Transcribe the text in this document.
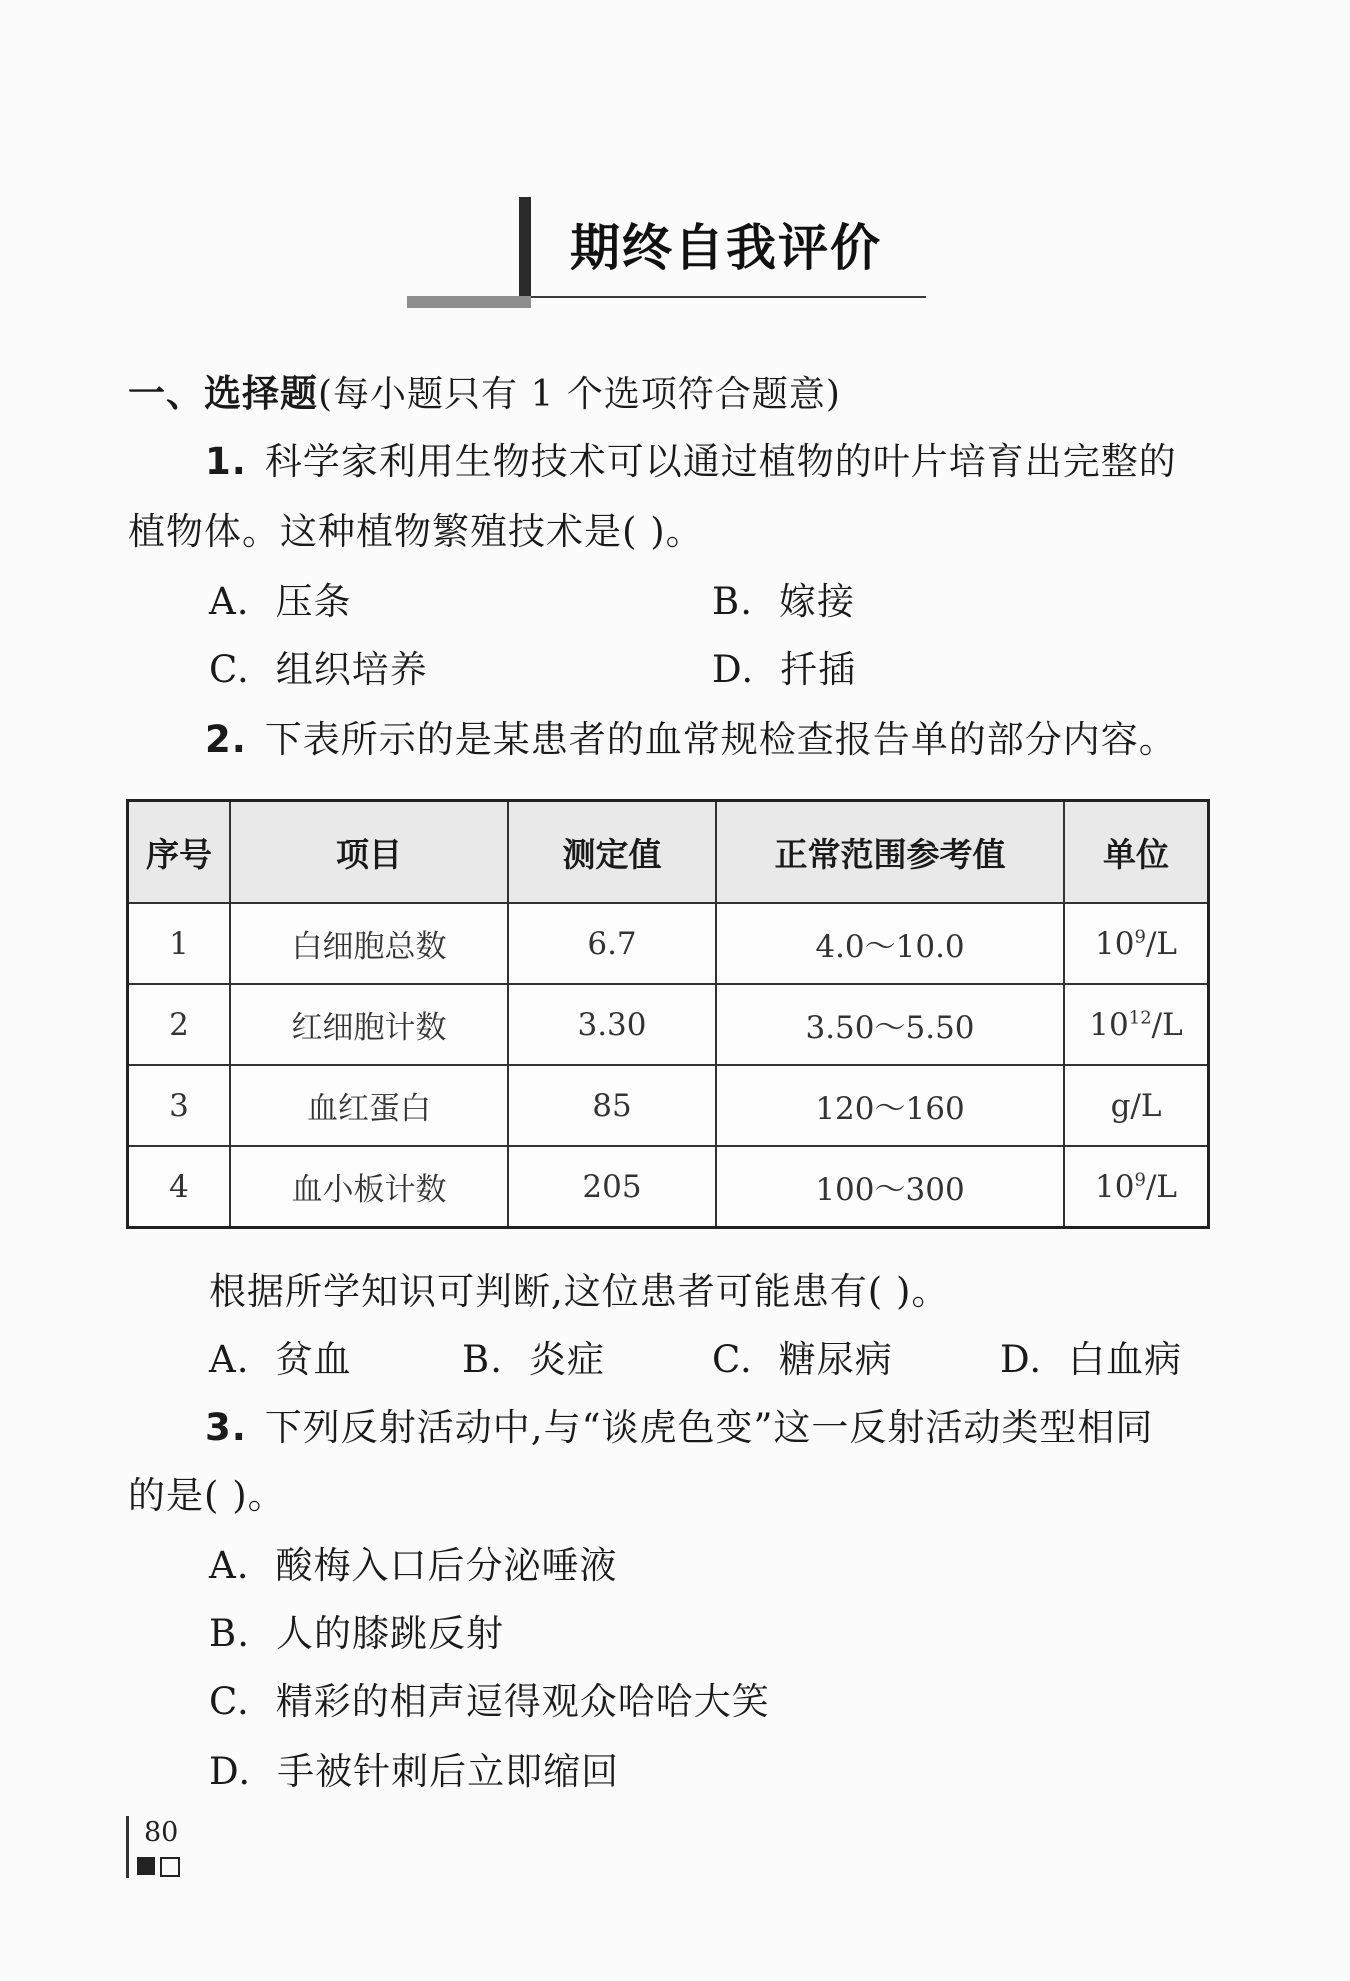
期终自我评价
一、选择题(每小题只有 1 个选项符合题意)
1. 科学家利用生物技术可以通过植物的叶片培育出完整的
植物体。这种植物繁殖技术是( )。
A. 压条	B. 嫁接
C. 组织培养	D. 扦插
2. 下表所示的是某患者的血常规检查报告单的部分内容。
序号	项目	测定值	正常范围参考值	单位
1	白细胞总数	6.7	4.0～10.0	$10^9/L$
2	红细胞计数	3.30	3.50～5.50	$10^{12}/L$
3	血红蛋白	85	120～160	g/L
4	血小板计数	205	100～300	$10^9/L$
根据所学知识可判断,这位患者可能患有( )。
A. 贫血	B. 炎症	C. 糖尿病	D. 白血病
3. 下列反射活动中,与“谈虎色变”这一反射活动类型相同
的是( )。
A. 酸梅入口后分泌唾液
B. 人的膝跳反射
C. 精彩的相声逗得观众哈哈大笑
D. 手被针刺后立即缩回
80
